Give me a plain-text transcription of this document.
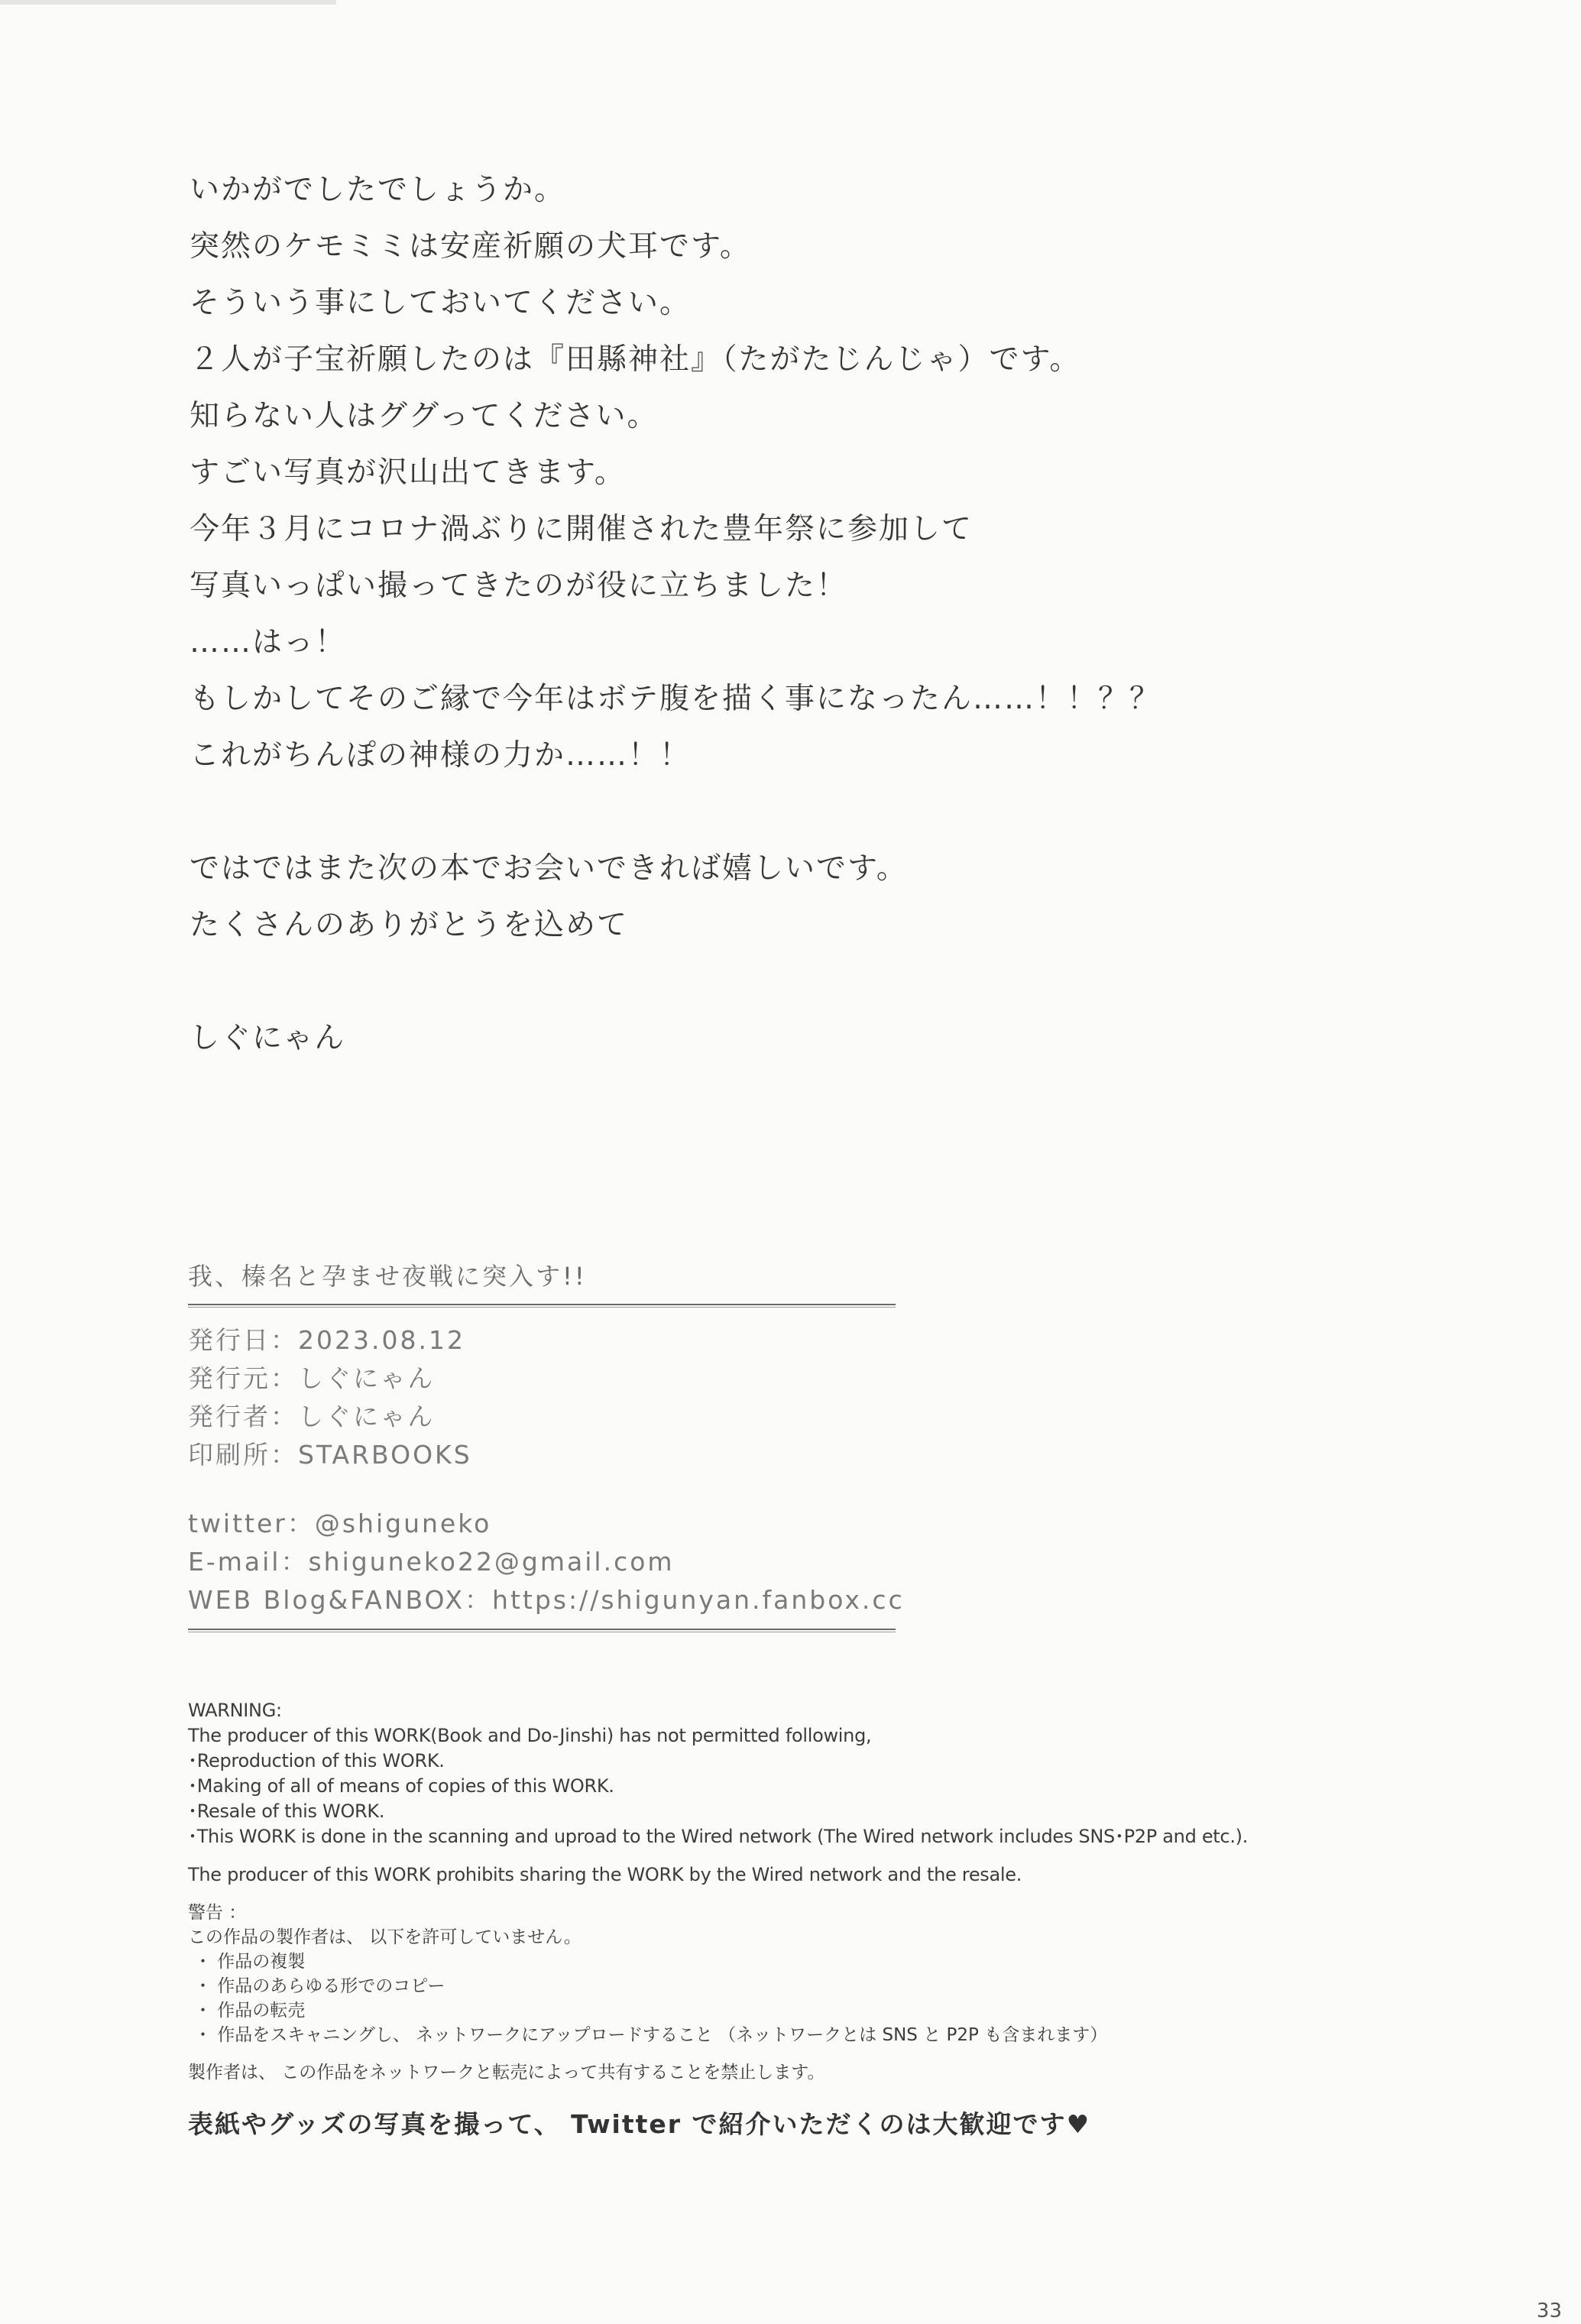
いかがでしたでしょうか。
突然のケモミミは安産祈願の犬耳です。
そういう事にしておいてください。
２人が子宝祈願したのは『田縣神社』（たがたじんじゃ）です。
知らない人はググってください。
すごい写真が沢山出てきます。
今年３月にコロナ渦ぶりに開催された豊年祭に参加して
写真いっぱい撮ってきたのが役に立ちました！
……はっ！
もしかしてそのご縁で今年はボテ腹を描く事になったん……！！？？
これがちんぽの神様の力か……！！
ではではまた次の本でお会いできれば嬉しいです。
たくさんのありがとうを込めて
しぐにゃん
我、榛名と孕ませ夜戦に突入す!!
発行日：2023.08.12
発行元：しぐにゃん
発行者：しぐにゃん
印刷所：STARBOOKS
twitter：@shiguneko
E-mail：shiguneko22@gmail.com
WEB Blog&FANBOX：https://shigunyan.fanbox.cc
WARNING:
The producer of this WORK(Book and Do-Jinshi) has not permitted following,
･Reproduction of this WORK.
･Making of all of means of copies of this WORK.
･Resale of this WORK.
･This WORK is done in the scanning and uproad to the Wired network (The Wired network includes SNS･P2P and etc.).
The producer of this WORK prohibits sharing the WORK by the Wired network and the resale.
警告 ：
この作品の製作者は、 以下を許可していません。
・ 作品の複製
・ 作品のあらゆる形でのコピー
・ 作品の転売
・ 作品をスキャニングし、 ネットワークにアップロードすること （ネットワークとは SNS と P2P も含まれます）
製作者は、 この作品をネットワークと転売によって共有することを禁止します。
表紙やグッズの写真を撮って、 Twitter で紹介いただくのは大歓迎です♥
33
